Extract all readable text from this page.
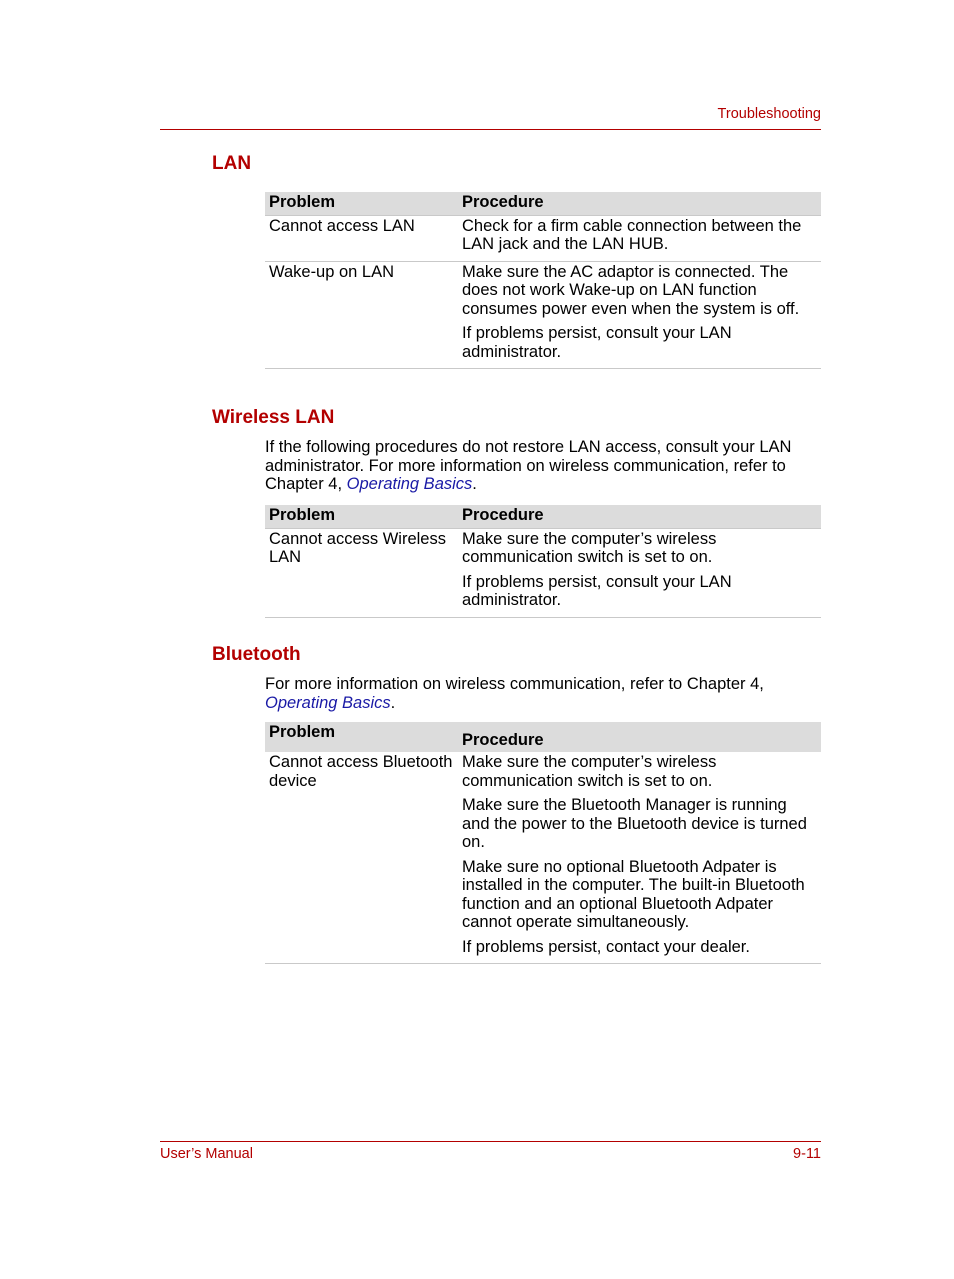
Troubleshooting
LAN
Problem	Procedure
Cannot access LAN	Check for a firm cable connection between the LAN jack and the LAN HUB.

Wake-up on LAN	Make sure the AC adaptor is connected. The does not work Wake-up on LAN function consumes power even when the system is off.
If problems persist, consult your LAN administrator.
Wireless LAN
If the following procedures do not restore LAN access, consult your LAN administrator. For more information on wireless communication, refer to Chapter 4, Operating Basics.
Problem	Procedure
Cannot access Wireless LAN	Make sure the computer’s wireless communication switch is set to on.
If problems persist, consult your LAN administrator.
Bluetooth
For more information on wireless communication, refer to Chapter 4, Operating Basics.
Problem	Procedure
Cannot access Bluetooth device	Make sure the computer’s wireless communication switch is set to on.
Make sure the Bluetooth Manager is running and the power to the Bluetooth device is turned on.
Make sure no optional Bluetooth Adpater is installed in the computer. The built-in Bluetooth function and an optional Bluetooth Adpater cannot operate simultaneously.
If problems persist, contact your dealer.
User’s Manual	9-11
